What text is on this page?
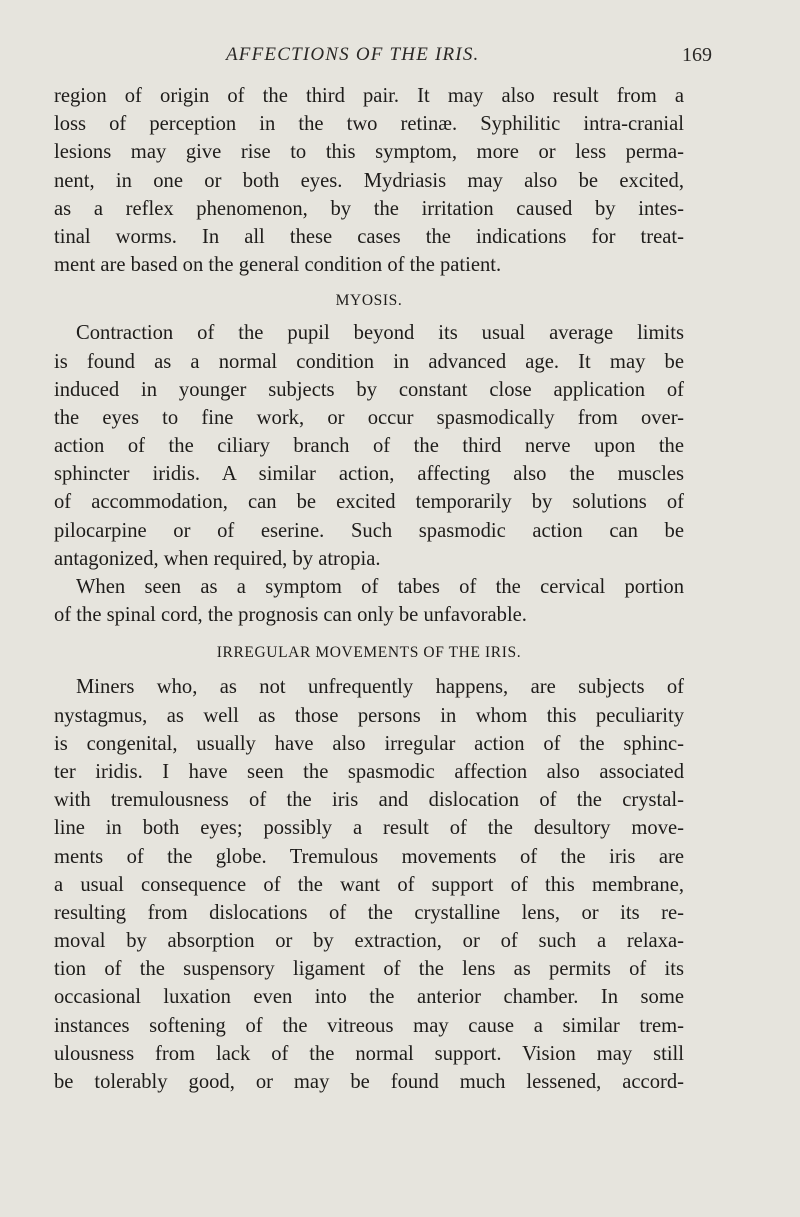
AFFECTIONS OF THE IRIS.	169
region of origin of the third pair. It may also result from a
loss of perception in the two retinæ. Syphilitic intra-cranial
lesions may give rise to this symptom, more or less perma-
nent, in one or both eyes. Mydriasis may also be excited,
as a reflex phenomenon, by the irritation caused by intes-
tinal worms. In all these cases the indications for treat-
ment are based on the general condition of the patient.
MYOSIS.
Contraction of the pupil beyond its usual average limits
is found as a normal condition in advanced age. It may be
induced in younger subjects by constant close application of
the eyes to fine work, or occur spasmodically from over-
action of the ciliary branch of the third nerve upon the
sphincter iridis. A similar action, affecting also the muscles
of accommodation, can be excited temporarily by solutions of
pilocarpine or of eserine. Such spasmodic action can be
antagonized, when required, by atropia.
When seen as a symptom of tabes of the cervical portion
of the spinal cord, the prognosis can only be unfavorable.
IRREGULAR MOVEMENTS OF THE IRIS.
Miners who, as not unfrequently happens, are subjects of
nystagmus, as well as those persons in whom this peculiarity
is congenital, usually have also irregular action of the sphinc-
ter iridis. I have seen the spasmodic affection also associated
with tremulousness of the iris and dislocation of the crystal-
line in both eyes; possibly a result of the desultory move-
ments of the globe. Tremulous movements of the iris are
a usual consequence of the want of support of this membrane,
resulting from dislocations of the crystalline lens, or its re-
moval by absorption or by extraction, or of such a relaxa-
tion of the suspensory ligament of the lens as permits of its
occasional luxation even into the anterior chamber. In some
instances softening of the vitreous may cause a similar trem-
ulousness from lack of the normal support. Vision may still
be tolerably good, or may be found much lessened, accord-
